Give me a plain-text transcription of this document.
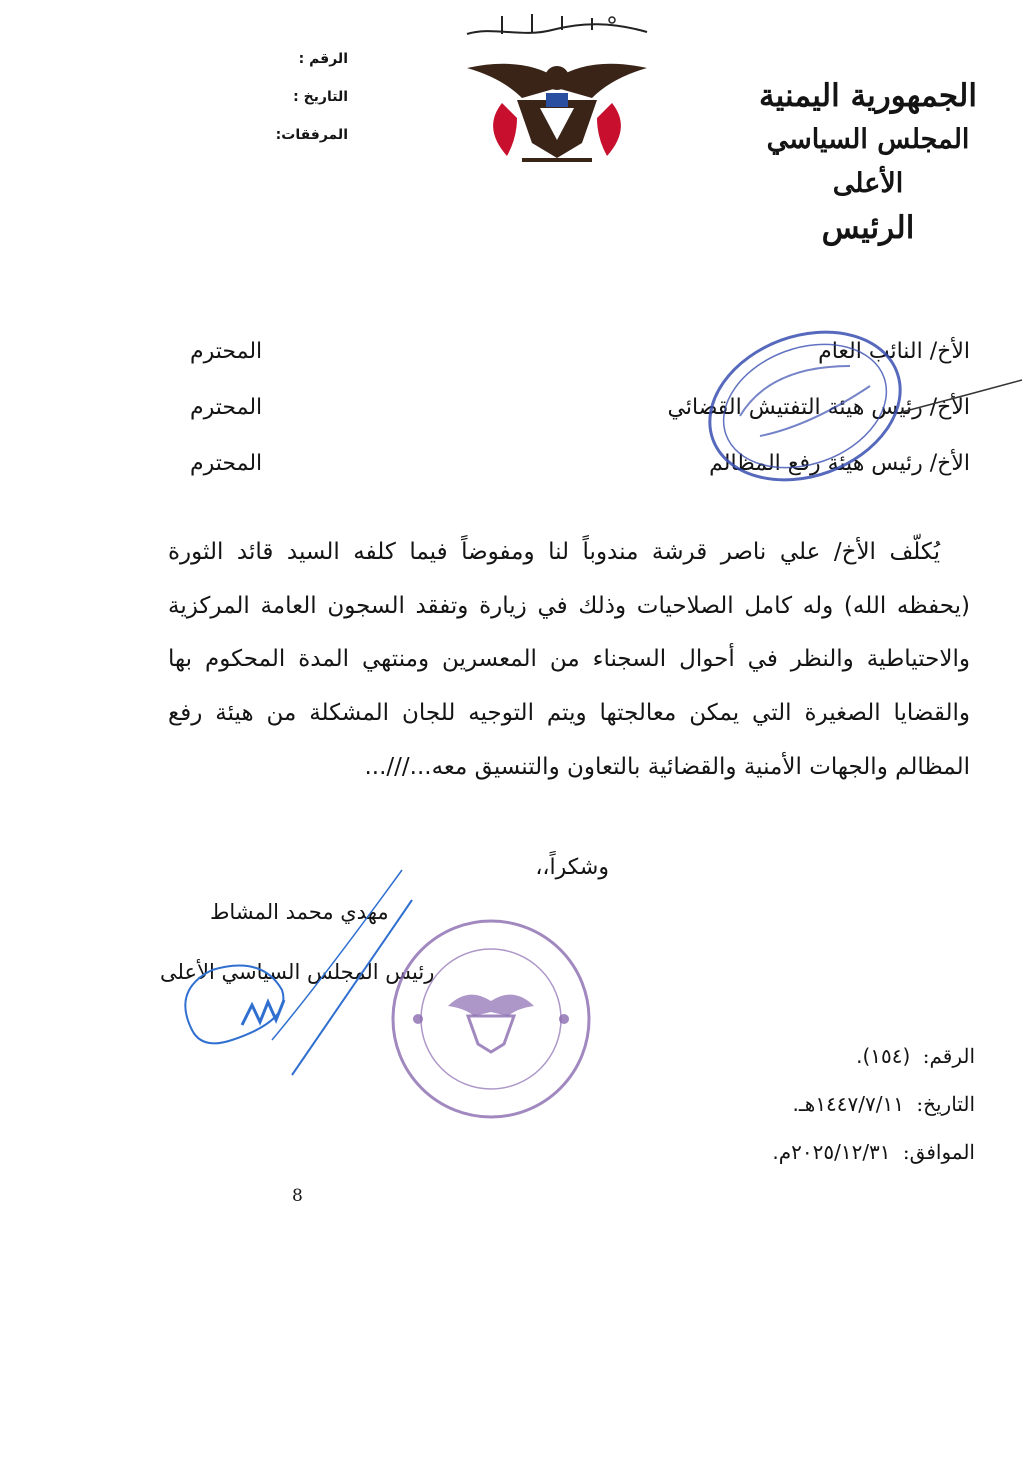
الجمهورية اليمنية
المجلس السياسي الأعلى
الرئيس
الرقم :
التاريخ :
المرفقات:
الأخ/ النائب العام
المحترم
الأخ/ رئيس هيئة التفتيش القضائي
المحترم
الأخ/ رئيس هيئة رفع المظالم
المحترم
يُكلّف الأخ/ علي ناصر قرشة مندوباً لنا ومفوضاً فيما كلفه السيد قائد الثورة (يحفظه الله) وله كامل الصلاحيات وذلك في زيارة وتفقد السجون العامة المركزية والاحتياطية والنظر في أحوال السجناء من المعسرين ومنتهي المدة المحكوم بها والقضايا الصغيرة التي يمكن معالجتها ويتم التوجيه للجان المشكلة من هيئة رفع المظالم والجهات الأمنية والقضائية بالتعاون والتنسيق معه...///...
وشكراً،،
مهدي محمد المشاط
رئيس المجلس السياسي الأعلى
الرقم: (١٥٤).
التاريخ: ١٤٤٧/٧/١١هـ.
الموافق: ٢٠٢٥/١٢/٣١م.
8
